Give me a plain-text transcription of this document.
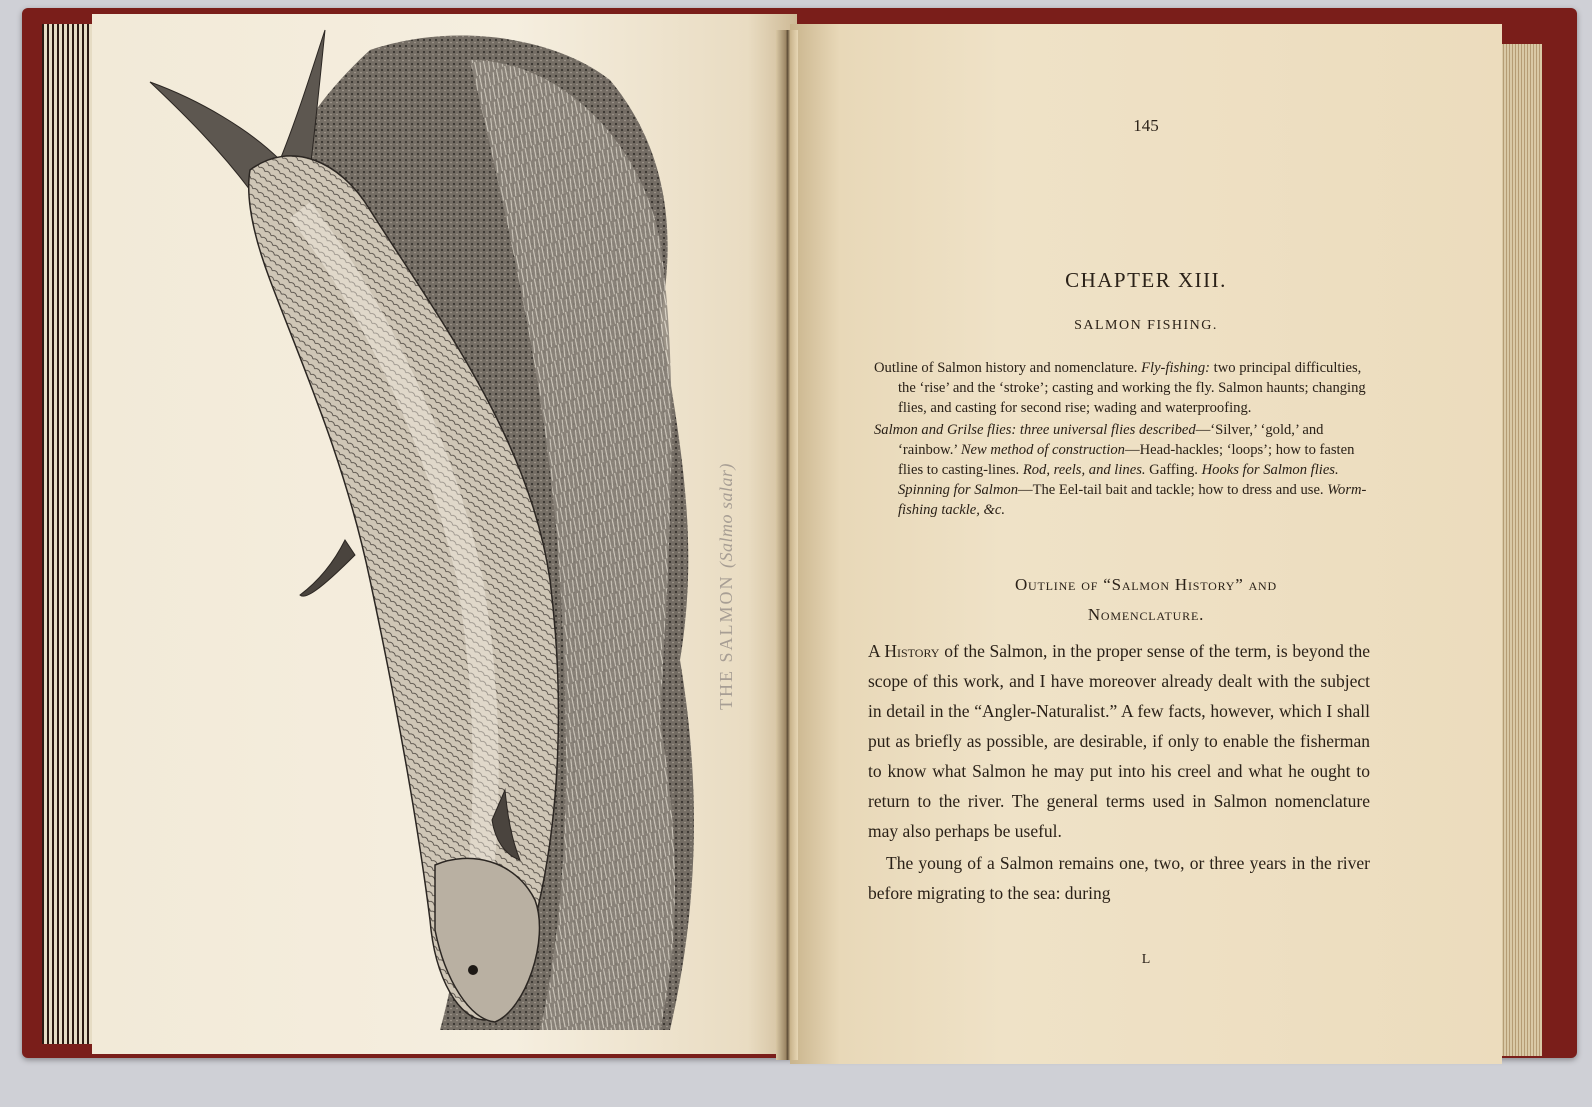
THE SALMON (Salmo salar)
145
CHAPTER XIII.
SALMON FISHING.

Outline of Salmon history and nomenclature. Fly-fishing: two principal difficulties, the ‘rise’ and the ‘stroke’; casting and working the fly. Salmon haunts; changing flies, and casting for second rise; wading and waterproofing.

Salmon and Grilse flies: three universal flies described—‘Silver,’ ‘gold,’ and ‘rainbow.’ New method of construction—Head-hackles; ‘loops’; how to fasten flies to casting-lines. Rod, reels, and lines. Gaffing. Hooks for Salmon flies. Spinning for Salmon—The Eel-tail bait and tackle; how to dress and use. Worm-fishing tackle, &c.

Outline of “Salmon History” and
Nomenclature.

A History of the Salmon, in the proper sense of the term, is beyond the scope of this work, and I have moreover already dealt with the subject in detail in the “Angler-Naturalist.” A few facts, however, which I shall put as briefly as possible, are desirable, if only to enable the fisherman to know what Salmon he may put into his creel and what he ought to return to the river. The general terms used in Salmon nomenclature may also perhaps be useful.

The young of a Salmon remains one, two, or three years in the river before migrating to the sea: during

L
